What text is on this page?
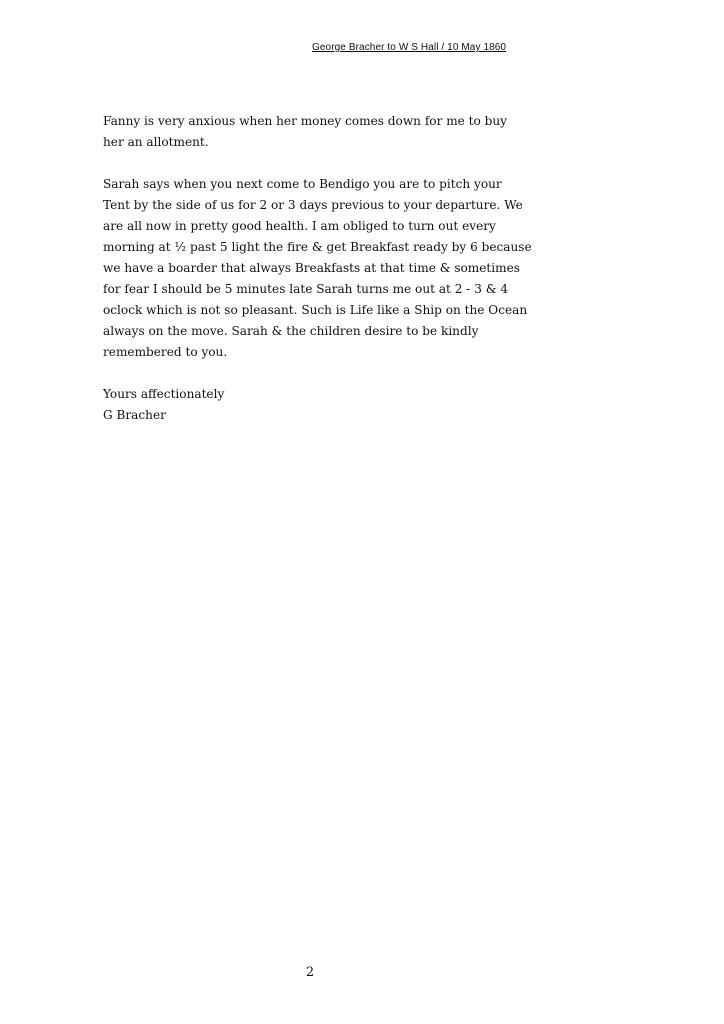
George Bracher to W S Hall / 10 May 1860

Fanny is very anxious when her money comes down for me to buy
her an allotment.

Sarah says when you next come to Bendigo you are to pitch your
Tent by the side of us for 2 or 3 days previous to your departure. We
are all now in pretty good health. I am obliged to turn out every
morning at ½ past 5 light the fire & get Breakfast ready by 6 because
we have a boarder that always Breakfasts at that time & sometimes
for fear I should be 5 minutes late Sarah turns me out at 2 - 3 & 4
oclock which is not so pleasant. Such is Life like a Ship on the Ocean
always on the move. Sarah & the children desire to be kindly
remembered to you.

Yours affectionately
G Bracher

2
